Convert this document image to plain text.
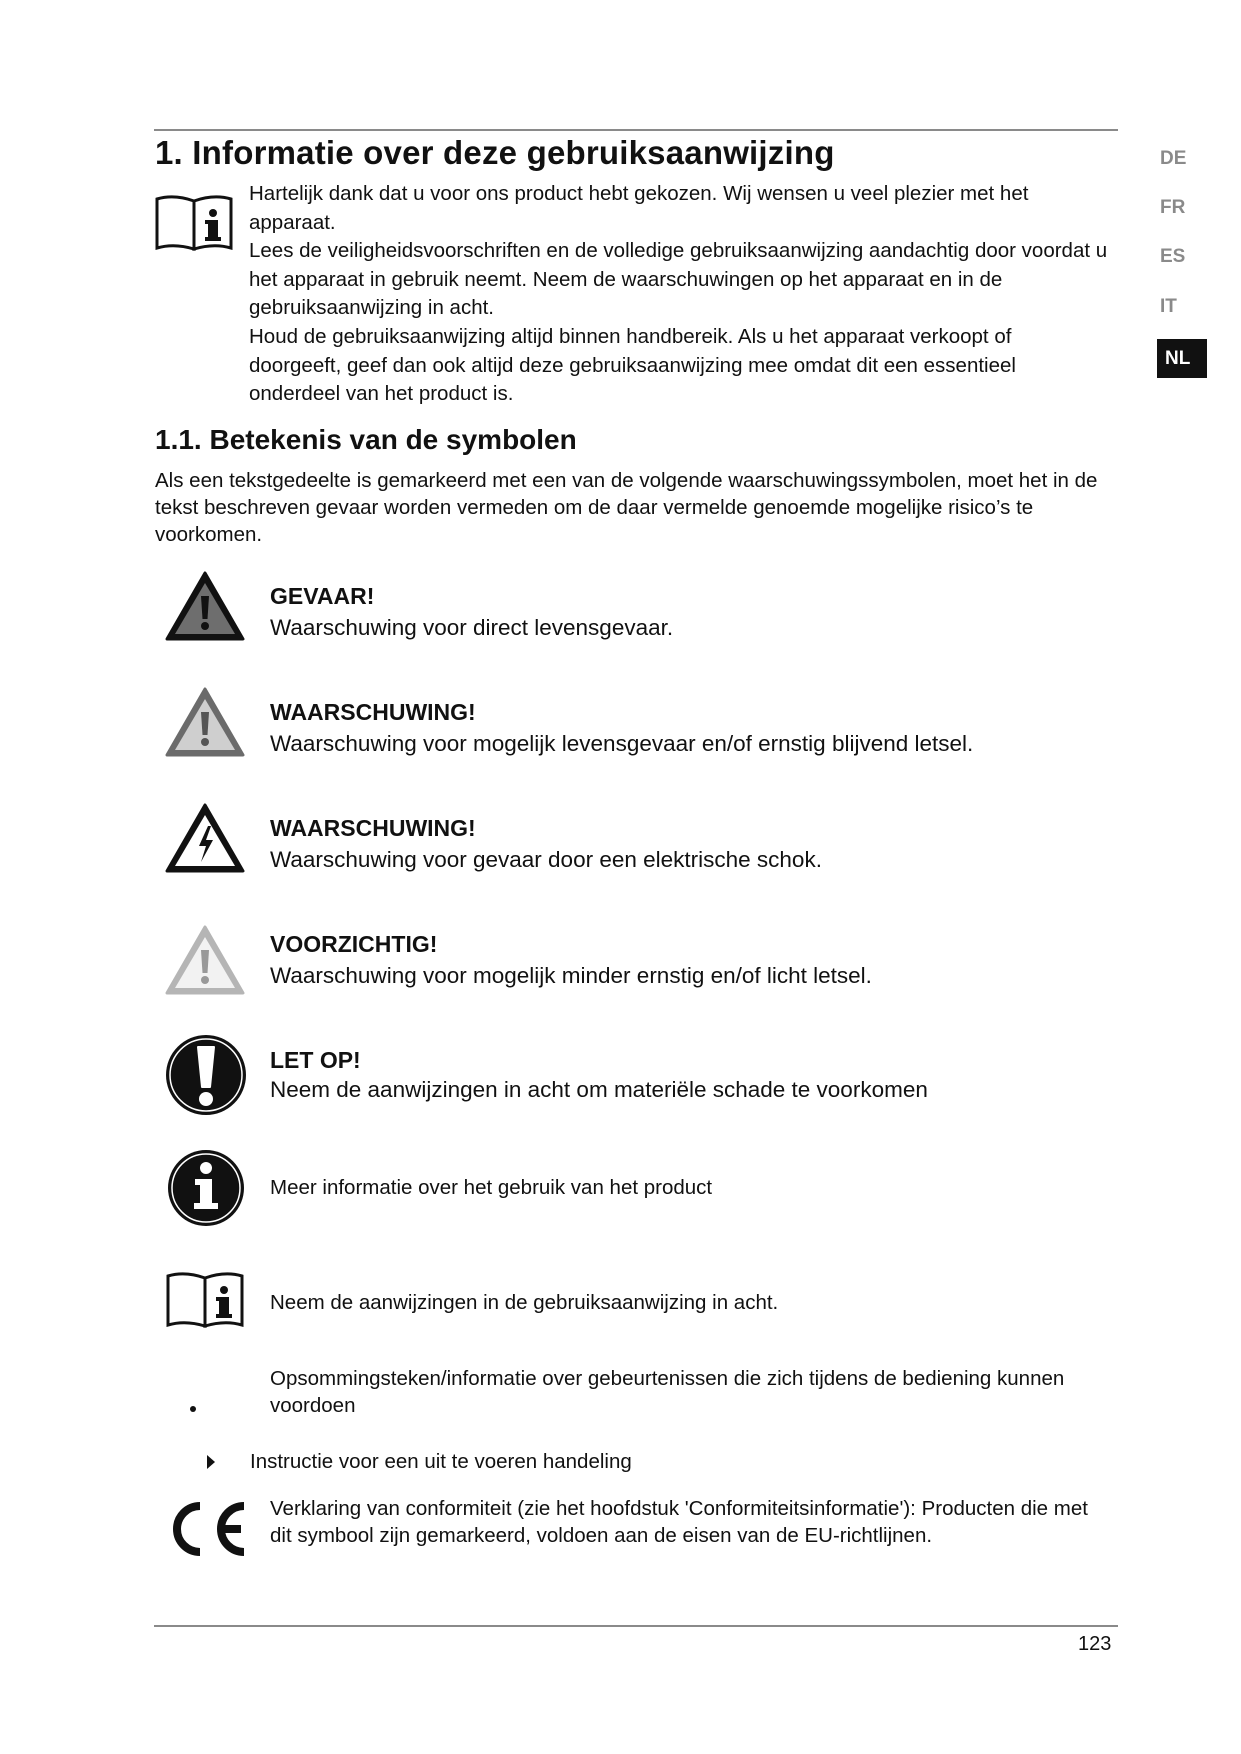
1. Informatie over deze gebruiksaanwijzing

Hartelijk dank dat u voor ons product hebt gekozen. Wij wensen u veel plezier met het apparaat.

Lees de veiligheidsvoorschriften en de volledige gebruiksaanwijzing aandachtig door voordat u het apparaat in gebruik neemt. Neem de waarschuwingen op het apparaat en in de gebruiksaanwijzing in acht.

Houd de gebruiksaanwijzing altijd binnen handbereik. Als u het apparaat verkoopt of doorgeeft, geef dan ook altijd deze gebruiksaanwijzing mee omdat dit een essentieel onderdeel van het product is.

1.1. Betekenis van de symbolen

Als een tekstgedeelte is gemarkeerd met een van de volgende waarschuwingssymbolen, moet het in de tekst beschreven gevaar worden vermeden om de daar vermelde genoemde mogelijke risico’s te voorkomen.

GEVAAR!

Waarschuwing voor direct levensgevaar.

WAARSCHUWING!

Waarschuwing voor mogelijk levensgevaar en/of ernstig blijvend letsel.

WAARSCHUWING!

Waarschuwing voor gevaar door een elektrische schok.

VOORZICHTIG!

Waarschuwing voor mogelijk minder ernstig en/of licht letsel.

LET OP!

Neem de aanwijzingen in acht om materiële schade te voorkomen

Meer informatie over het gebruik van het product

Neem de aanwijzingen in de gebruiksaanwijzing in acht.

Opsommingsteken/informatie over gebeurtenissen die zich tijdens de bediening kunnen voordoen

Instructie voor een uit te voeren handeling

Verklaring van conformiteit (zie het hoofdstuk 'Conformiteitsinformatie'): Producten die met dit symbool zijn gemarkeerd, voldoen aan de eisen van de EU-richtlijnen.

123

DE

FR

ES

IT

NL
